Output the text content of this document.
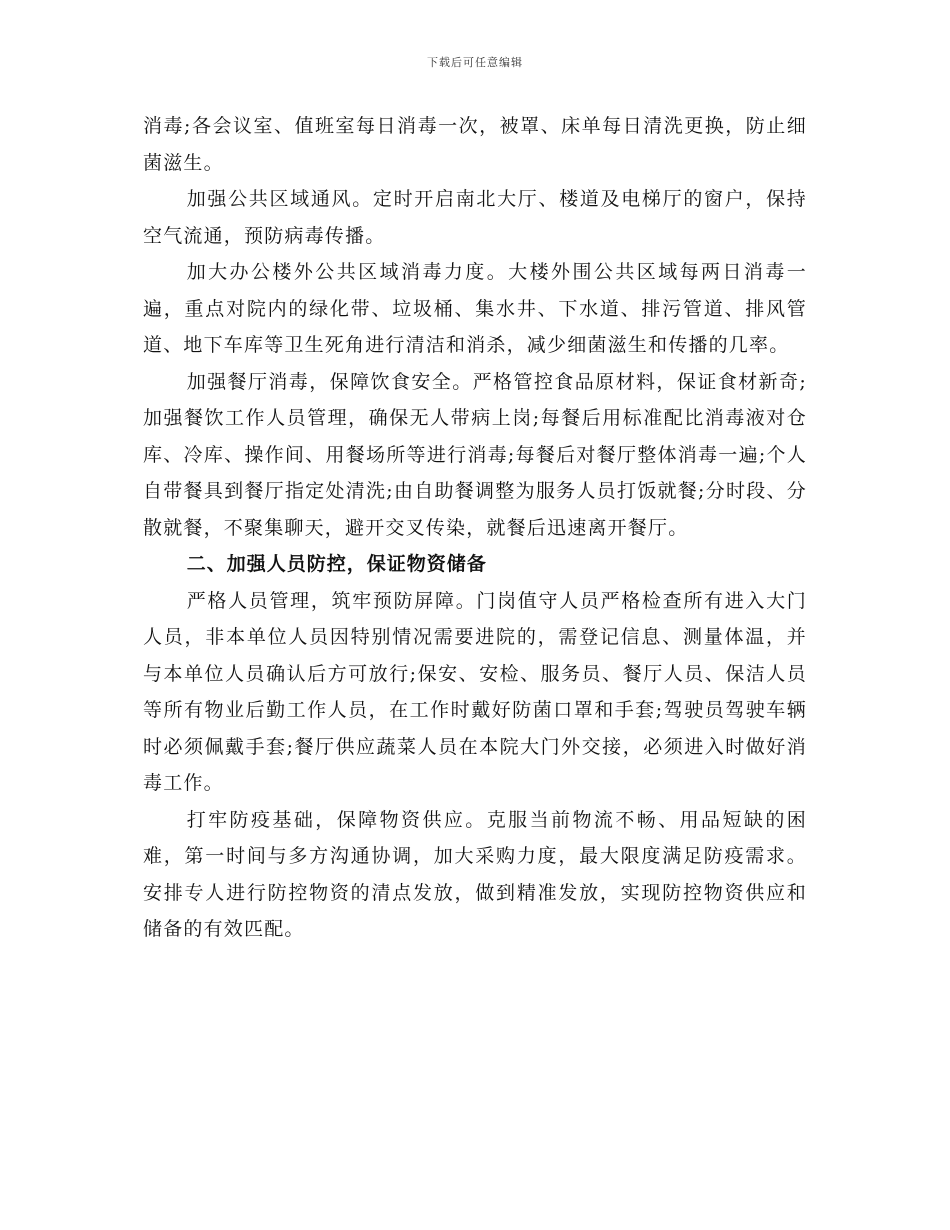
下载后可任意编辑

消毒;各会议室、值班室每日消毒一次，被罩、床单每日清洗更换，防止细菌滋生。

加强公共区域通风。定时开启南北大厅、楼道及电梯厅的窗户，保持空气流通，预防病毒传播。

加大办公楼外公共区域消毒力度。大楼外围公共区域每两日消毒一遍，重点对院内的绿化带、垃圾桶、集水井、下水道、排污管道、排风管道、地下车库等卫生死角进行清洁和消杀，减少细菌滋生和传播的几率。

加强餐厅消毒，保障饮食安全。严格管控食品原材料，保证食材新奇;加强餐饮工作人员管理，确保无人带病上岗;每餐后用标准配比消毒液对仓库、冷库、操作间、用餐场所等进行消毒;每餐后对餐厅整体消毒一遍;个人自带餐具到餐厅指定处清洗;由自助餐调整为服务人员打饭就餐;分时段、分散就餐，不聚集聊天，避开交叉传染，就餐后迅速离开餐厅。

二、加强人员防控，保证物资储备

严格人员管理，筑牢预防屏障。门岗值守人员严格检查所有进入大门人员，非本单位人员因特别情况需要进院的，需登记信息、测量体温，并与本单位人员确认后方可放行;保安、安检、服务员、餐厅人员、保洁人员等所有物业后勤工作人员，在工作时戴好防菌口罩和手套;驾驶员驾驶车辆时必须佩戴手套;餐厅供应蔬菜人员在本院大门外交接，必须进入时做好消毒工作。

打牢防疫基础，保障物资供应。克服当前物流不畅、用品短缺的困难，第一时间与多方沟通协调，加大采购力度，最大限度满足防疫需求。安排专人进行防控物资的清点发放，做到精准发放，实现防控物资供应和储备的有效匹配。
